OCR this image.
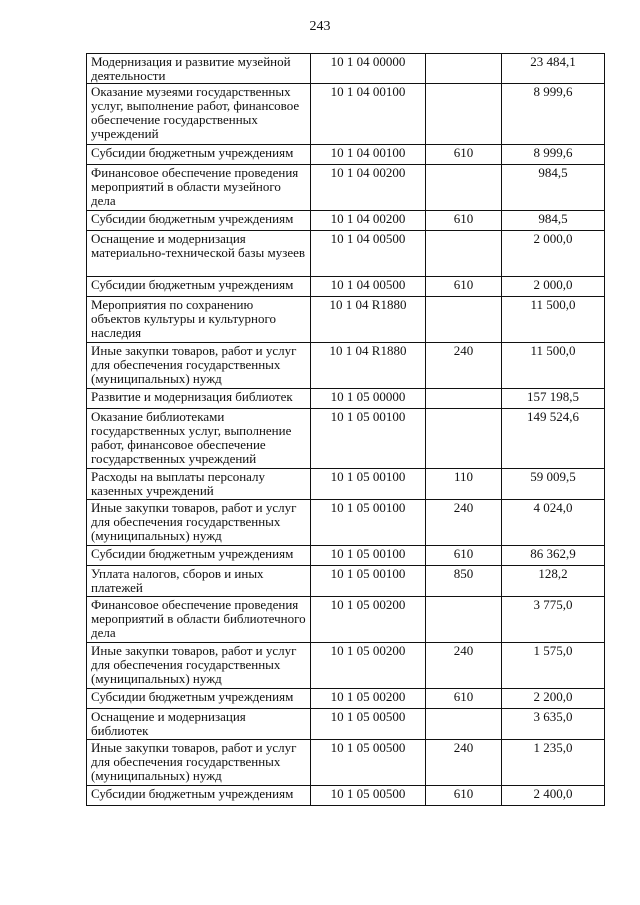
243
Модернизация и развитие музейной деятельности	10 1 04 00000		23 484,1
Оказание музеями государственных услуг, выполнение работ, финансовое обеспечение государственных учреждений	10 1 04 00100		8 999,6
Субсидии бюджетным учреждениям	10 1 04 00100	610	8 999,6
Финансовое обеспечение проведения мероприятий в области музейного дела	10 1 04 00200		984,5
Субсидии бюджетным учреждениям	10 1 04 00200	610	984,5
Оснащение и модернизация материально-технической базы музеев	10 1 04 00500		2 000,0
Субсидии бюджетным учреждениям	10 1 04 00500	610	2 000,0
Мероприятия по сохранению объектов культуры и культурного наследия	10 1 04 R1880		11 500,0
Иные закупки товаров, работ и услуг для обеспечения государственных (муниципальных) нужд	10 1 04 R1880	240	11 500,0
Развитие и модернизация библиотек	10 1 05 00000		157 198,5
Оказание библиотеками государственных услуг, выполнение работ, финансовое обеспечение государственных учреждений	10 1 05 00100		149 524,6
Расходы на выплаты персоналу казенных учреждений	10 1 05 00100	110	59 009,5
Иные закупки товаров, работ и услуг для обеспечения государственных (муниципальных) нужд	10 1 05 00100	240	4 024,0
Субсидии бюджетным учреждениям	10 1 05 00100	610	86 362,9
Уплата налогов, сборов и иных платежей	10 1 05 00100	850	128,2
Финансовое обеспечение проведения мероприятий в области библиотечного дела	10 1 05 00200		3 775,0
Иные закупки товаров, работ и услуг для обеспечения государственных (муниципальных) нужд	10 1 05 00200	240	1 575,0
Субсидии бюджетным учреждениям	10 1 05 00200	610	2 200,0
Оснащение и модернизация библиотек	10 1 05 00500		3 635,0
Иные закупки товаров, работ и услуг для обеспечения государственных (муниципальных) нужд	10 1 05 00500	240	1 235,0
Субсидии бюджетным учреждениям	10 1 05 00500	610	2 400,0
